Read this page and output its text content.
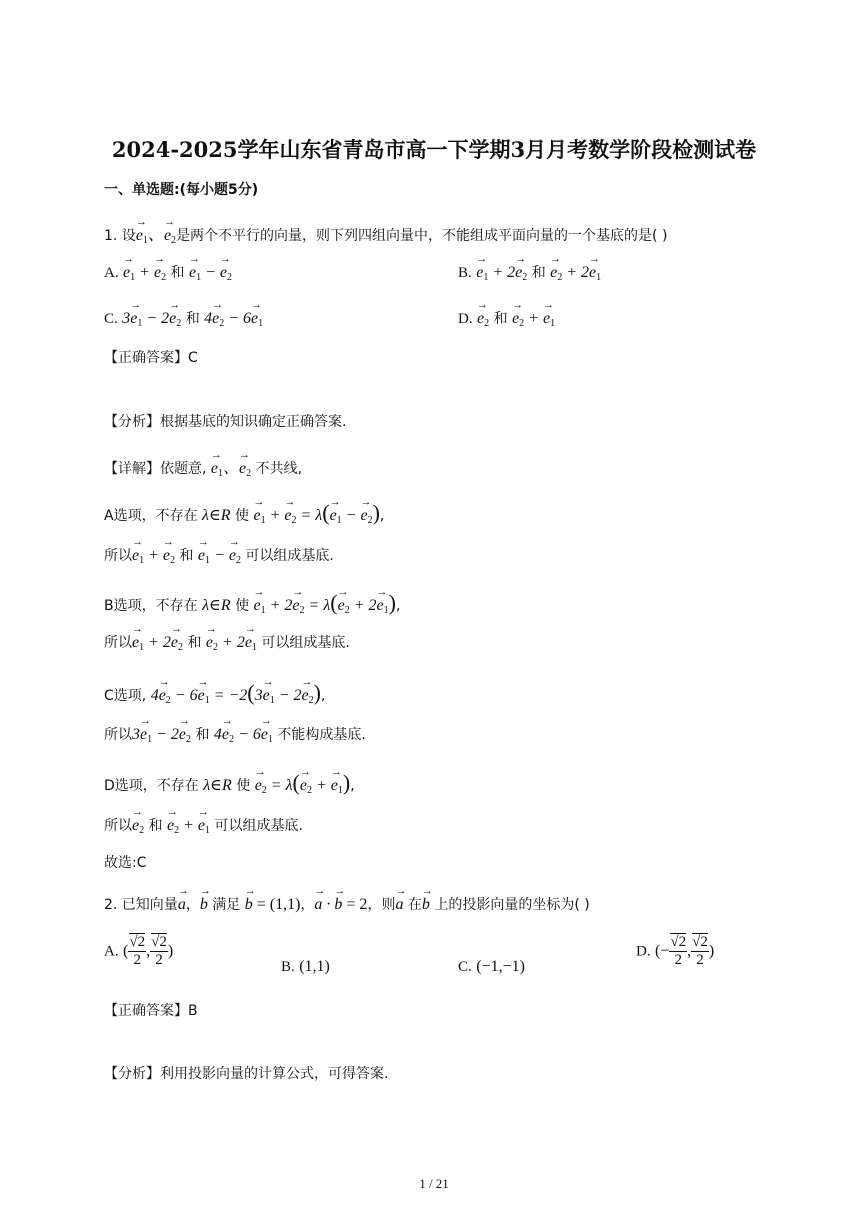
2024-2025学年山东省青岛市高一下学期3月月考数学阶段检测试卷
一、单选题:(每小题5分)
1. 设→ $e_1$、→ $e_2$是两个不平行的向量，则下列四组向量中，不能组成平面向量的一个基底的是( )
A. → $e_1$ + → $e_2$ 和 → $e_1$ − → $e_2$	B. → $e_1 + 2\to e_2$ 和 → $e_2 + 2\to e_1$
C. $3\to e_1 - 2\to e_2$ 和 $4\to e_2 - 6\to e_1$	D. → $e_2$ 和 → $e_2$ + → $e_1$
【正确答案】C
【分析】根据基底的知识确定正确答案.
【详解】依题意, → $e_1$、→ $e_2$ 不共线,
A选项，不存在 λ∈R 使 → $e_1$ + → $e_2 = \lambda(\to e_1$ − → $e_2$),
所以→ $e_1$ + → $e_2$ 和 → $e_1$ − → $e_2$ 可以组成基底.
B选项，不存在 λ∈R 使 → $e_1 + 2\to e_2 = \lambda(\to e_2 + 2\to e_1)$,
所以→ $e_1 + 2\to e_2$ 和 → $e_2 + 2\to e_1$ 可以组成基底.
C选项, $4\to e_2 - 6\to e_1 = -2(3\to e_1 - 2\to e_2)$,
所以$3\to e_1 - 2\to e_2$ 和 $4\to e_2 - 6\to e_1$ 不能构成基底.
D选项，不存在 λ∈R 使 → $e_2 = \lambda(\to e_2$ + → $e_1$),
所以→ $e_2$ 和 → $e_2$ + → $e_1$ 可以组成基底.
故选:C
2. 已知向量→ a，→ b 满足 → b = (1,1)，→ a · → b = 2，则→ a 在→ b 上的投影向量的坐标为( )
A. ( $\frac{√2}{2}$ , $\frac{√2}{2}$ )
B. (1,1)	C. (−1,−1)
D. (− $\frac{√2}{2}$ , $\frac{√2}{2}$ )
【正确答案】B
【分析】利用投影向量的计算公式，可得答案.
1 / 21
